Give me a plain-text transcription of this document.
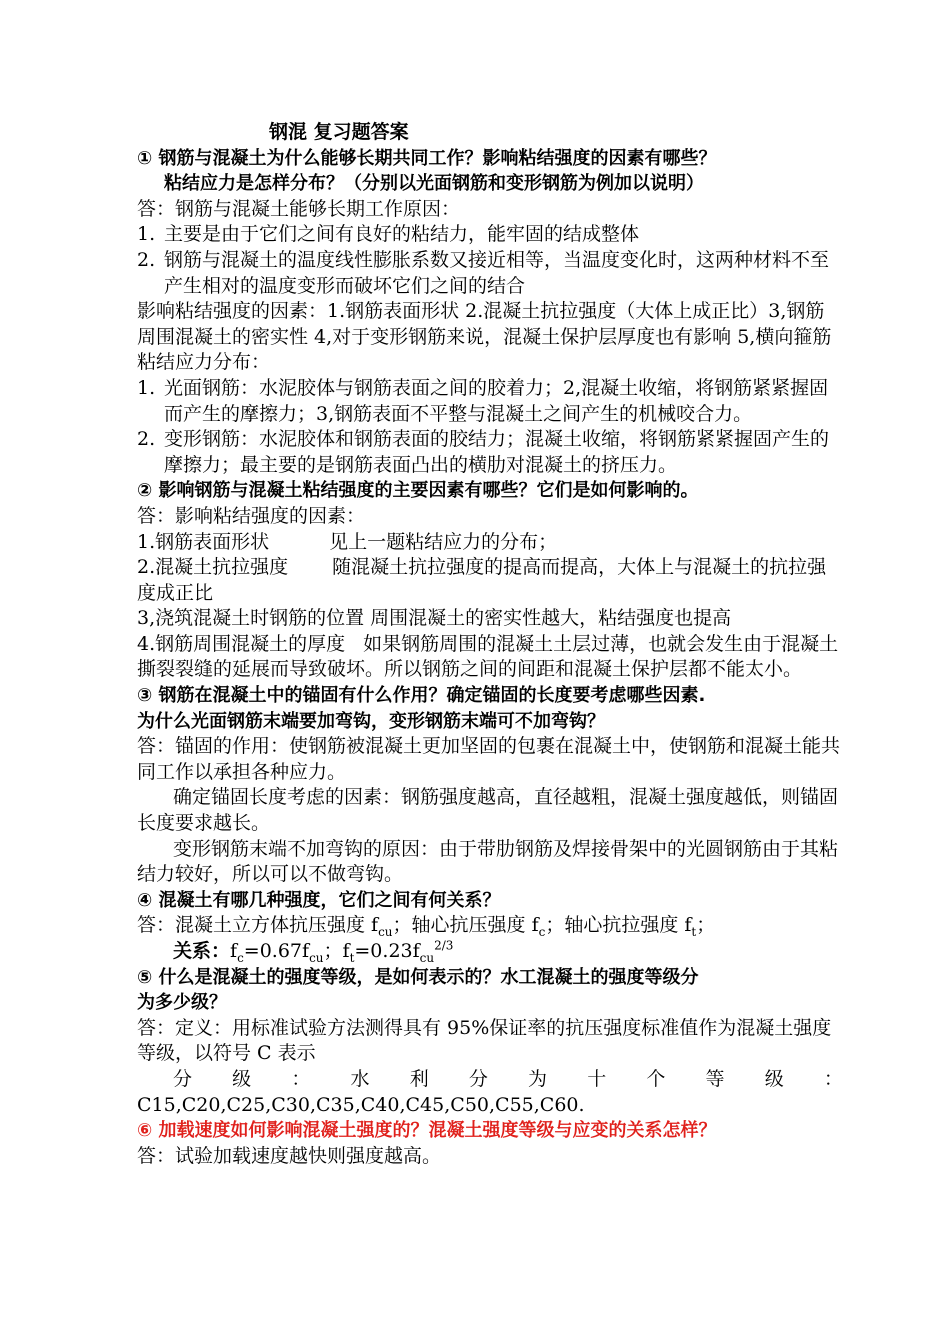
钢混 复习题答案
① 钢筋与混凝土为什么能够长期共同工作？影响粘结强度的因素有哪些？
粘结应力是怎样分布？（分别以光面钢筋和变形钢筋为例加以说明）
答：钢筋与混凝土能够长期工作原因：
1. 主要是由于它们之间有良好的粘结力，能牢固的结成整体
2. 钢筋与混凝土的温度线性膨胀系数又接近相等，当温度变化时，这两种材料不至产生相对的温度变形而破坏它们之间的结合
影响粘结强度的因素：1.钢筋表面形状 2.混凝土抗拉强度（大体上成正比）3,钢筋周围混凝土的密实性 4,对于变形钢筋来说，混凝土保护层厚度也有影响 5,横向箍筋
粘结应力分布：
1. 光面钢筋：水泥胶体与钢筋表面之间的胶着力；2,混凝土收缩，将钢筋紧紧握固而产生的摩擦力；3,钢筋表面不平整与混凝土之间产生的机械咬合力。
2. 变形钢筋：水泥胶体和钢筋表面的胶结力；混凝土收缩，将钢筋紧紧握固产生的摩擦力；最主要的是钢筋表面凸出的横肋对混凝土的挤压力。
② 影响钢筋与混凝土粘结强度的主要因素有哪些？它们是如何影响的。
答：影响粘结强度的因素：
1.钢筋表面形状	见上一题粘结应力的分布；
2.混凝土抗拉强度 随混凝土抗拉强度的提高而提高，大体上与混凝土的抗拉强度成正比
3,浇筑混凝土时钢筋的位置 周围混凝土的密实性越大，粘结强度也提高
4.钢筋周围混凝土的厚度 如果钢筋周围的混凝土土层过薄，也就会发生由于混凝土撕裂裂缝的延展而导致破坏。所以钢筋之间的间距和混凝土保护层都不能太小。
③ 钢筋在混凝土中的锚固有什么作用？确定锚固的长度要考虑哪些因素.
为什么光面钢筋末端要加弯钩，变形钢筋末端可不加弯钩？
答：锚固的作用：使钢筋被混凝土更加坚固的包裹在混凝土中，使钢筋和混凝土能共同工作以承担各种应力。
确定锚固长度考虑的因素：钢筋强度越高，直径越粗，混凝土强度越低，则锚固长度要求越长。
变形钢筋末端不加弯钩的原因：由于带肋钢筋及焊接骨架中的光圆钢筋由于其粘结力较好，所以可以不做弯钩。
④ 混凝土有哪几种强度，它们之间有何关系？
答：混凝土立方体抗压强度 $f_{cu}$；轴心抗压强度 $f_c$；轴心抗拉强度 $f_t$；
关系：$f_c=0.67f_{cu}$；$f_t=0.23f_{cu}^{2/3}$
⑤ 什么是混凝土的强度等级，是如何表示的？水工混凝土的强度等级分
为多少级？
答：定义：用标准试验方法测得具有 95%保证率的抗压强度标准值作为混凝土强度等级，以符号 C 表示
分 级 ： 水 利 分 为 十 个 等 级 ：
C15,C20,C25,C30,C35,C40,C45,C50,C55,C60.
⑥ 加载速度如何影响混凝土强度的？混凝土强度等级与应变的关系怎样？
答：试验加载速度越快则强度越高。
